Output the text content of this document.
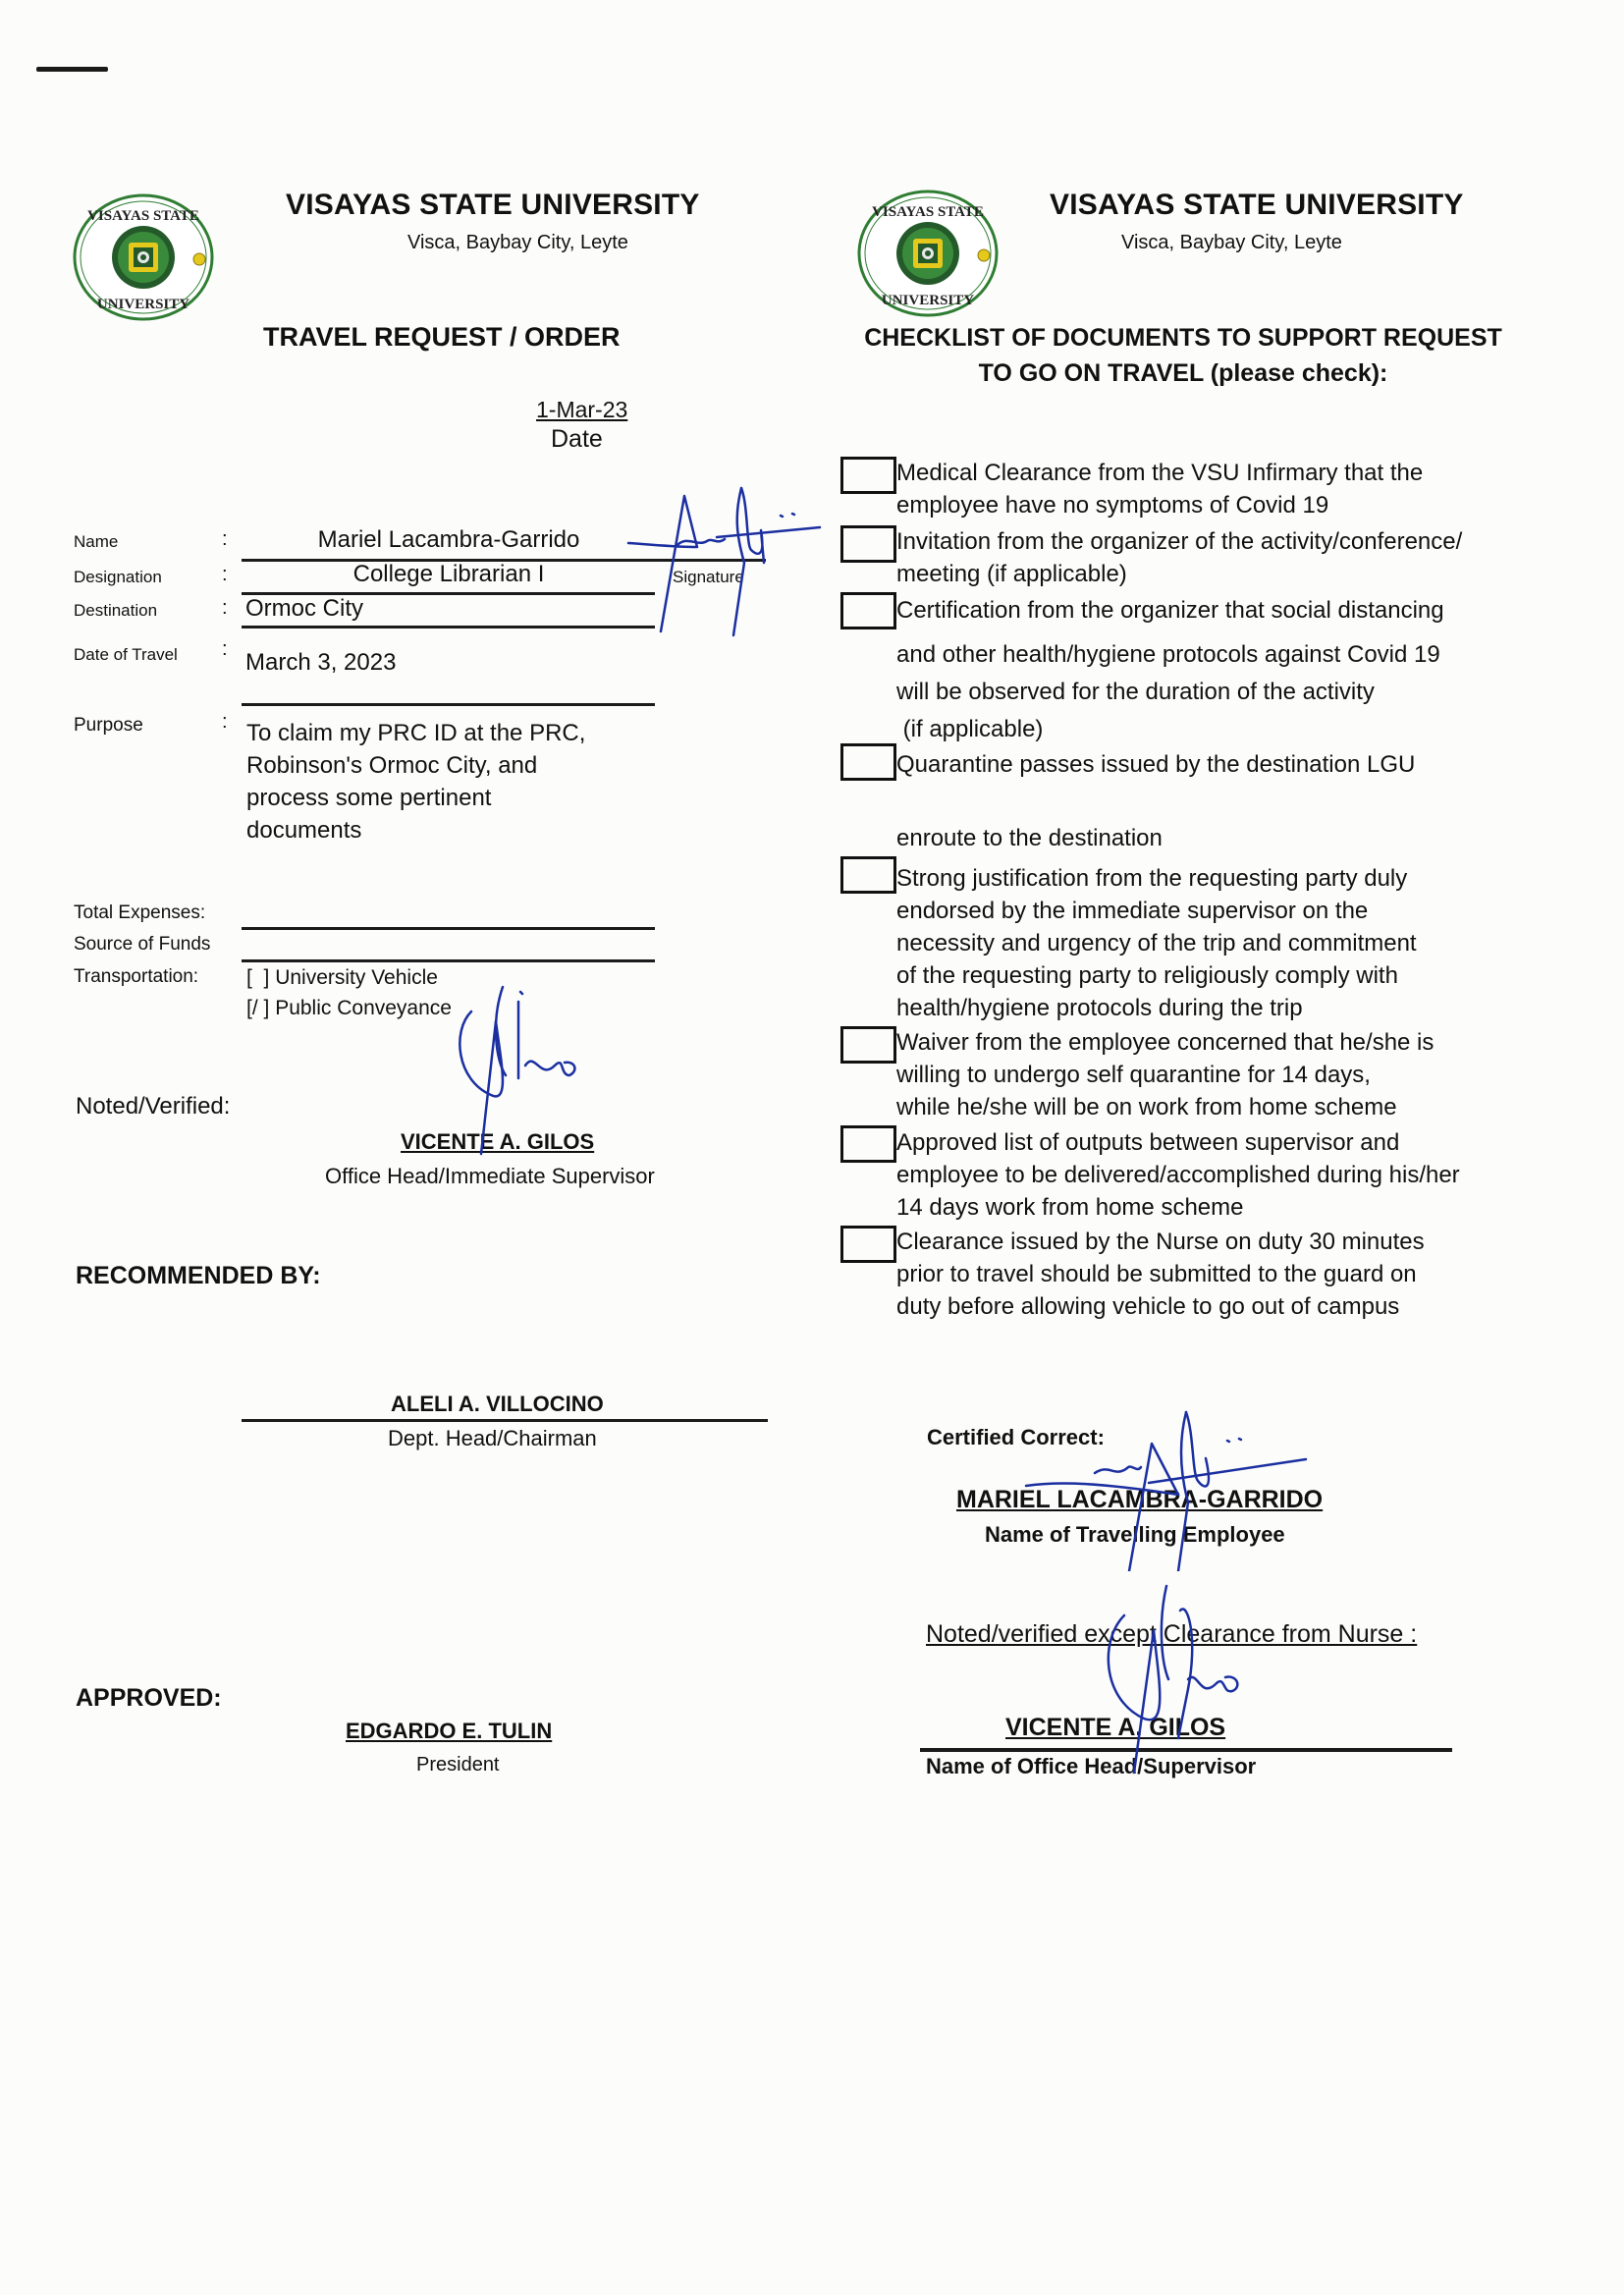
VISAYAS STATE
UNIVERSITY
VISAYAS STATE UNIVERSITY
Visca, Baybay City, Leyte
TRAVEL REQUEST / ORDER
1-Mar-23
Date
Name	:	Mariel Lacambra-Garrido
Designation	:	College Librarian I
Destination	: Ormoc City
Signature
Date of Travel : March 3, 2023
Purpose	: To claim my PRC ID at the PRC,
Robinson's Ormoc City, and
process some pertinent
documents
Total Expenses:
Source of Funds
Transportation: [  ] University Vehicle
[/ ] Public Conveyance
Noted/Verified:
VICENTE A. GILOS
Office Head/Immediate Supervisor
RECOMMENDED BY:
ALELI A. VILLOCINO
Dept. Head/Chairman
APPROVED:
EDGARDO E. TULIN
President
VISAYAS STATE
UNIVERSITY
VISAYAS STATE UNIVERSITY
Visca, Baybay City, Leyte
CHECKLIST OF DOCUMENTS TO SUPPORT REQUEST
TO GO ON TRAVEL (please check):
Medical Clearance from the VSU Infirmary that the
employee have no symptoms of Covid 19
Invitation from the organizer of the activity/conference/
meeting (if applicable)
Certification from the organizer that social distancing
and other health/hygiene protocols against Covid 19
will be observed for the duration of the activity
(if applicable)
Quarantine passes issued by the destination LGU
enroute to the destination
Strong justification from the requesting party duly
endorsed by the immediate supervisor on the
necessity and urgency of the trip and commitment
of the requesting party to religiously comply with
health/hygiene protocols during the trip
Waiver from the employee concerned that he/she is
willing to undergo self quarantine for 14 days,
while he/she will be on work from home scheme
Approved list of outputs between supervisor and
employee to be delivered/accomplished during his/her
14 days work from home scheme
Clearance issued by the Nurse on duty 30 minutes
prior to travel should be submitted to the guard on
duty before allowing vehicle to go out of campus
Certified Correct:
MARIEL LACAMBRA-GARRIDO
Name of Travelling Employee
Noted/verified except Clearance from Nurse :
VICENTE A. GILOS
Name of Office Head/Supervisor
